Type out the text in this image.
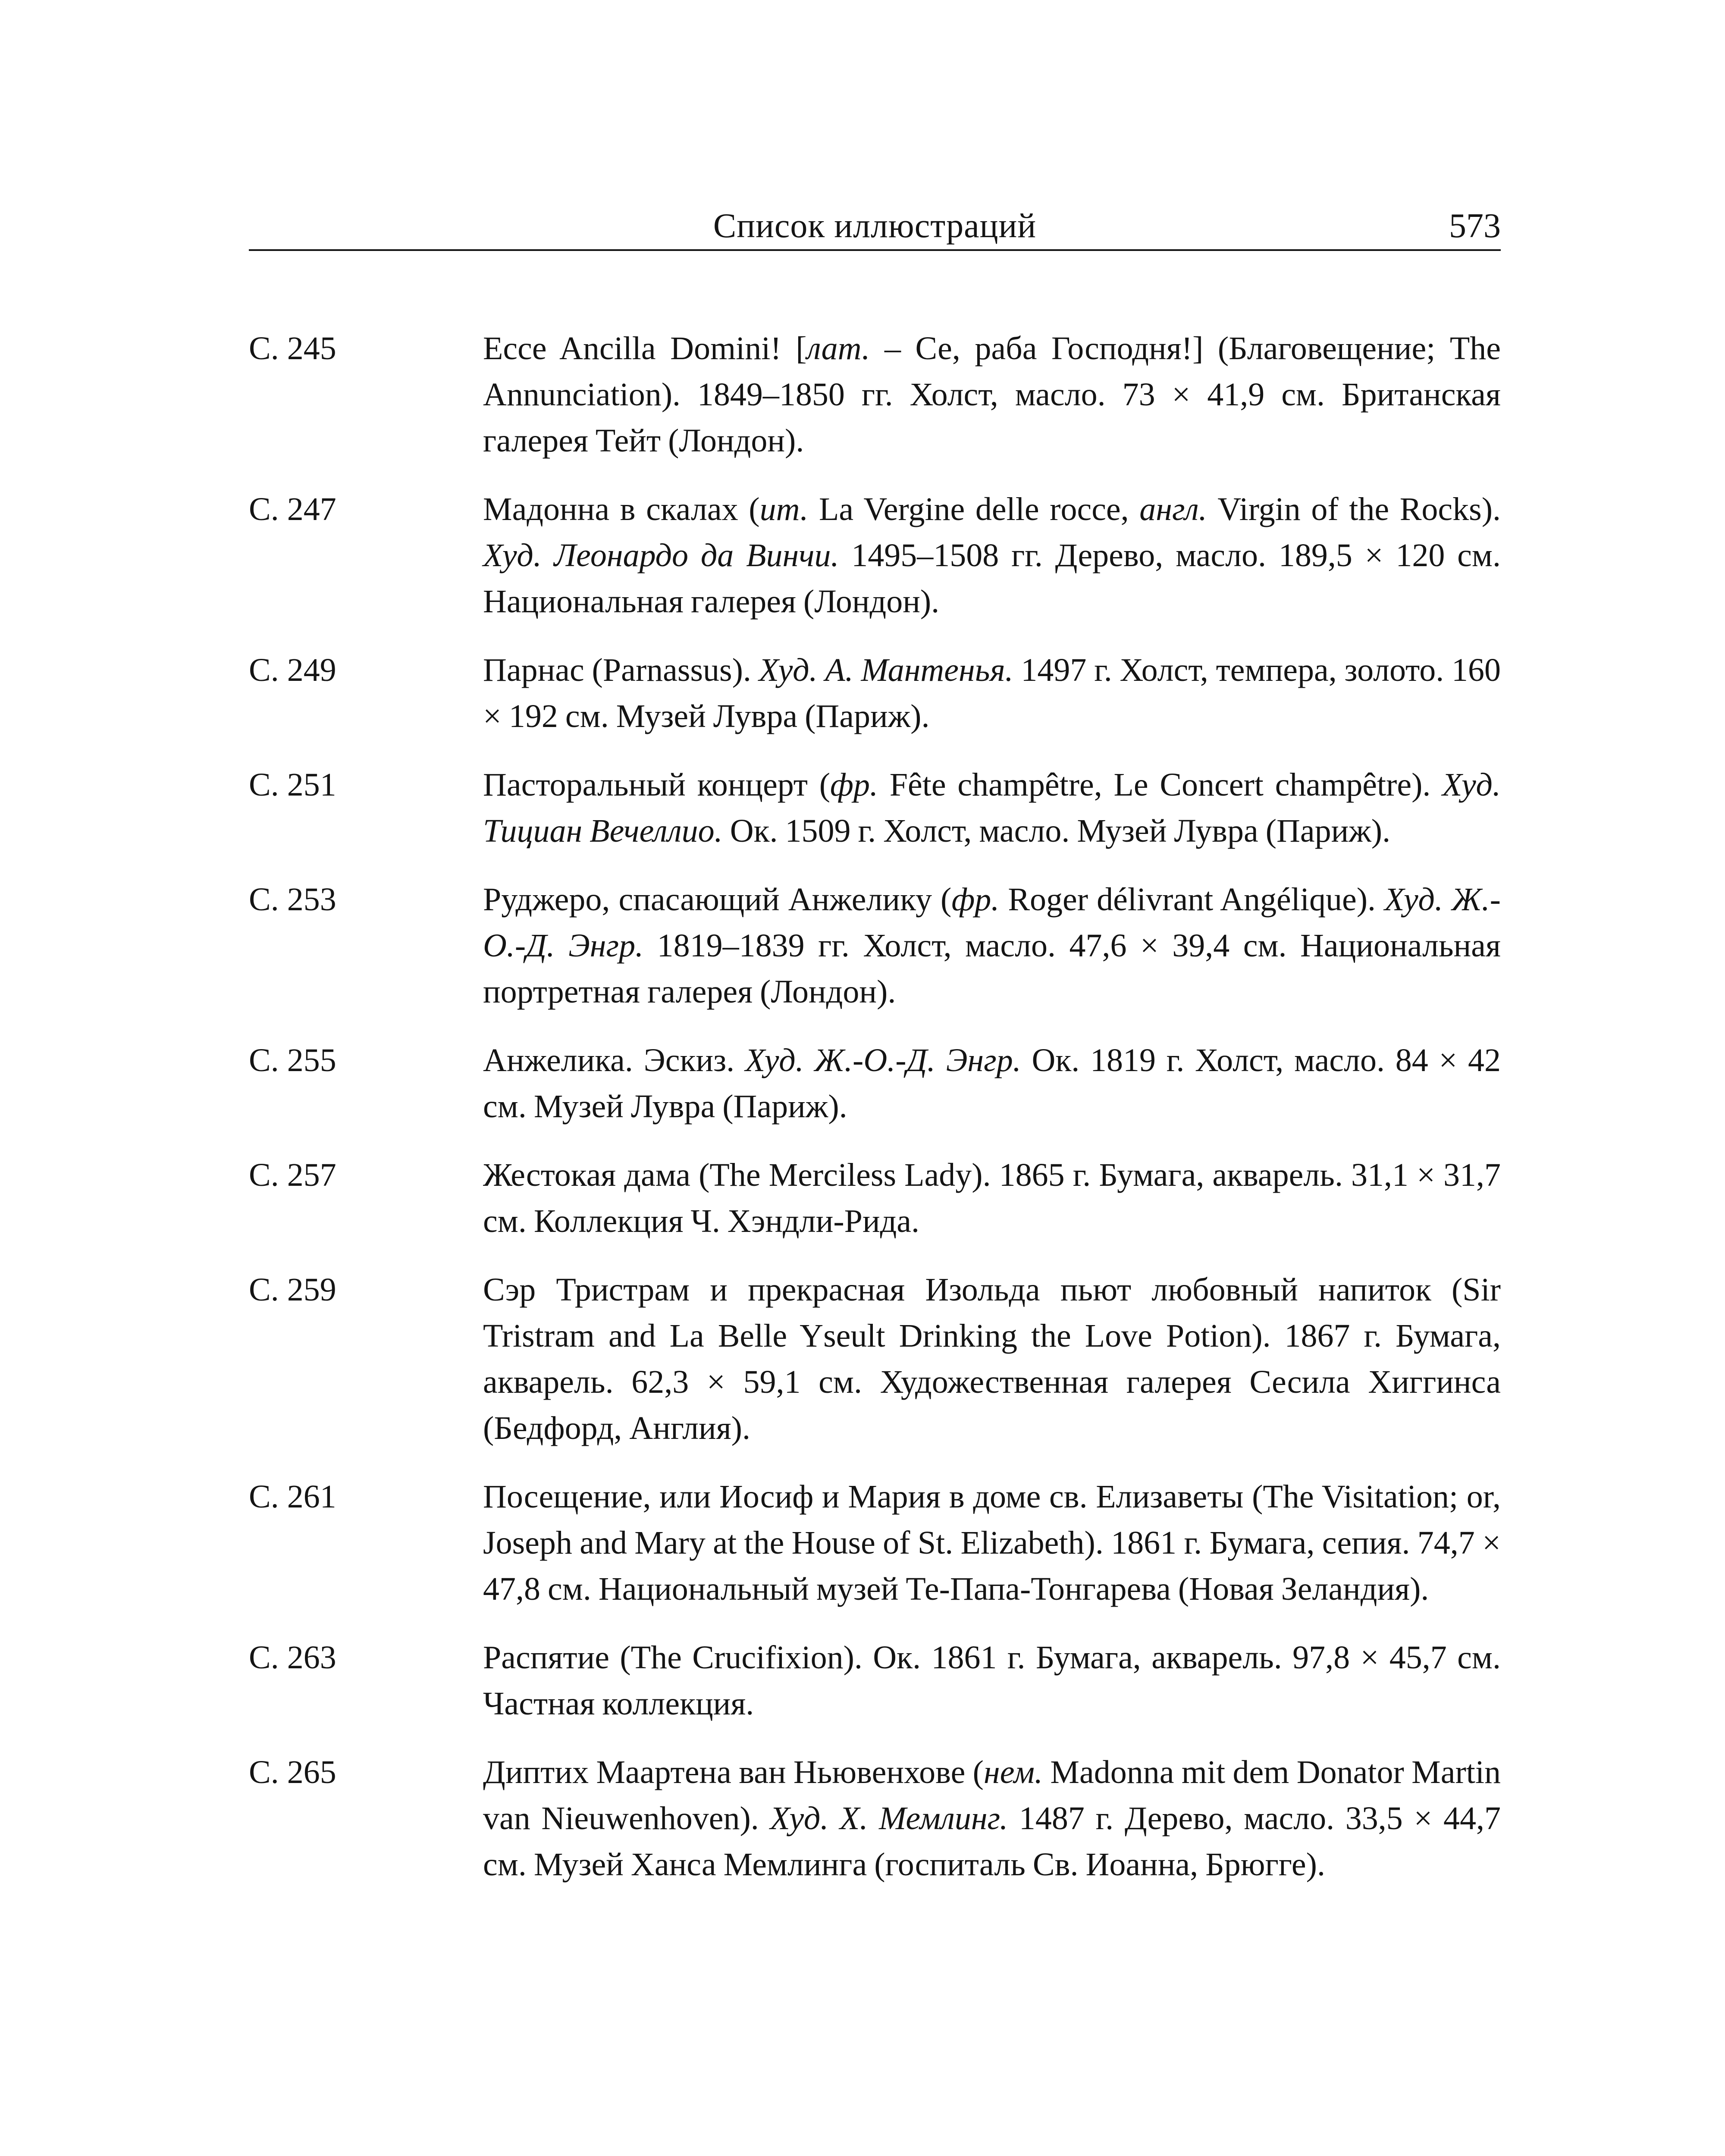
Список иллюстраций	573
С. 245	Ecce Ancilla Domini! [лат. – Се, раба Господня!] (Благовещение; The Annunciation). 1849–1850 гг. Холст, масло. 73 × 41,9 см. Британская галерея Тейт (Лондон).
С. 247	Мадонна в скалах (ит. La Vergine delle rocce, англ. Virgin of the Rocks). Худ. Леонардо да Винчи. 1495–1508 гг. Дерево, масло. 189,5 × 120 см. Национальная галерея (Лондон).
С. 249	Парнас (Parnassus). Худ. А. Мантенья. 1497 г. Холст, темпера, золото. 160 × 192 см. Музей Лувра (Париж).
С. 251	Пасторальный концерт (фр. Fête champêtre, Le Concert champêtre). Худ. Тициан Вечеллио. Ок. 1509 г. Холст, масло. Музей Лувра (Париж).
С. 253	Руджеро, спасающий Анжелику (фр. Roger délivrant Angélique). Худ. Ж.-О.-Д. Энгр. 1819–1839 гг. Холст, масло. 47,6 × 39,4 см. Национальная портретная галерея (Лондон).
С. 255	Анжелика. Эскиз. Худ. Ж.-О.-Д. Энгр. Ок. 1819 г. Холст, масло. 84 × 42 см. Музей Лувра (Париж).
С. 257	Жестокая дама (The Merciless Lady). 1865 г. Бумага, акварель. 31,1 × 31,7 см. Коллекция Ч. Хэндли-Рида.
С. 259	Сэр Тристрам и прекрасная Изольда пьют любовный напиток (Sir Tristram and La Belle Yseult Drinking the Love Potion). 1867 г. Бумага, акварель. 62,3 × 59,1 см. Художественная галерея Сесила Хиггинса (Бедфорд, Англия).
С. 261	Посещение, или Иосиф и Мария в доме св. Елизаветы (The Visitation; or, Joseph and Mary at the House of St. Elizabeth). 1861 г. Бумага, сепия. 74,7 × 47,8 см. Национальный музей Те-Папа-Тонгарева (Новая Зеландия).
С. 263	Распятие (The Crucifixion). Ок. 1861 г. Бумага, акварель. 97,8 × 45,7 см. Частная коллекция.
С. 265	Диптих Маартена ван Ньювенхове (нем. Madonna mit dem Donator Martin van Nieuwenhoven). Худ. Х. Мемлинг. 1487 г. Дерево, масло. 33,5 × 44,7 см. Музей Ханса Мемлинга (госпиталь Св. Иоанна, Брюгге).
